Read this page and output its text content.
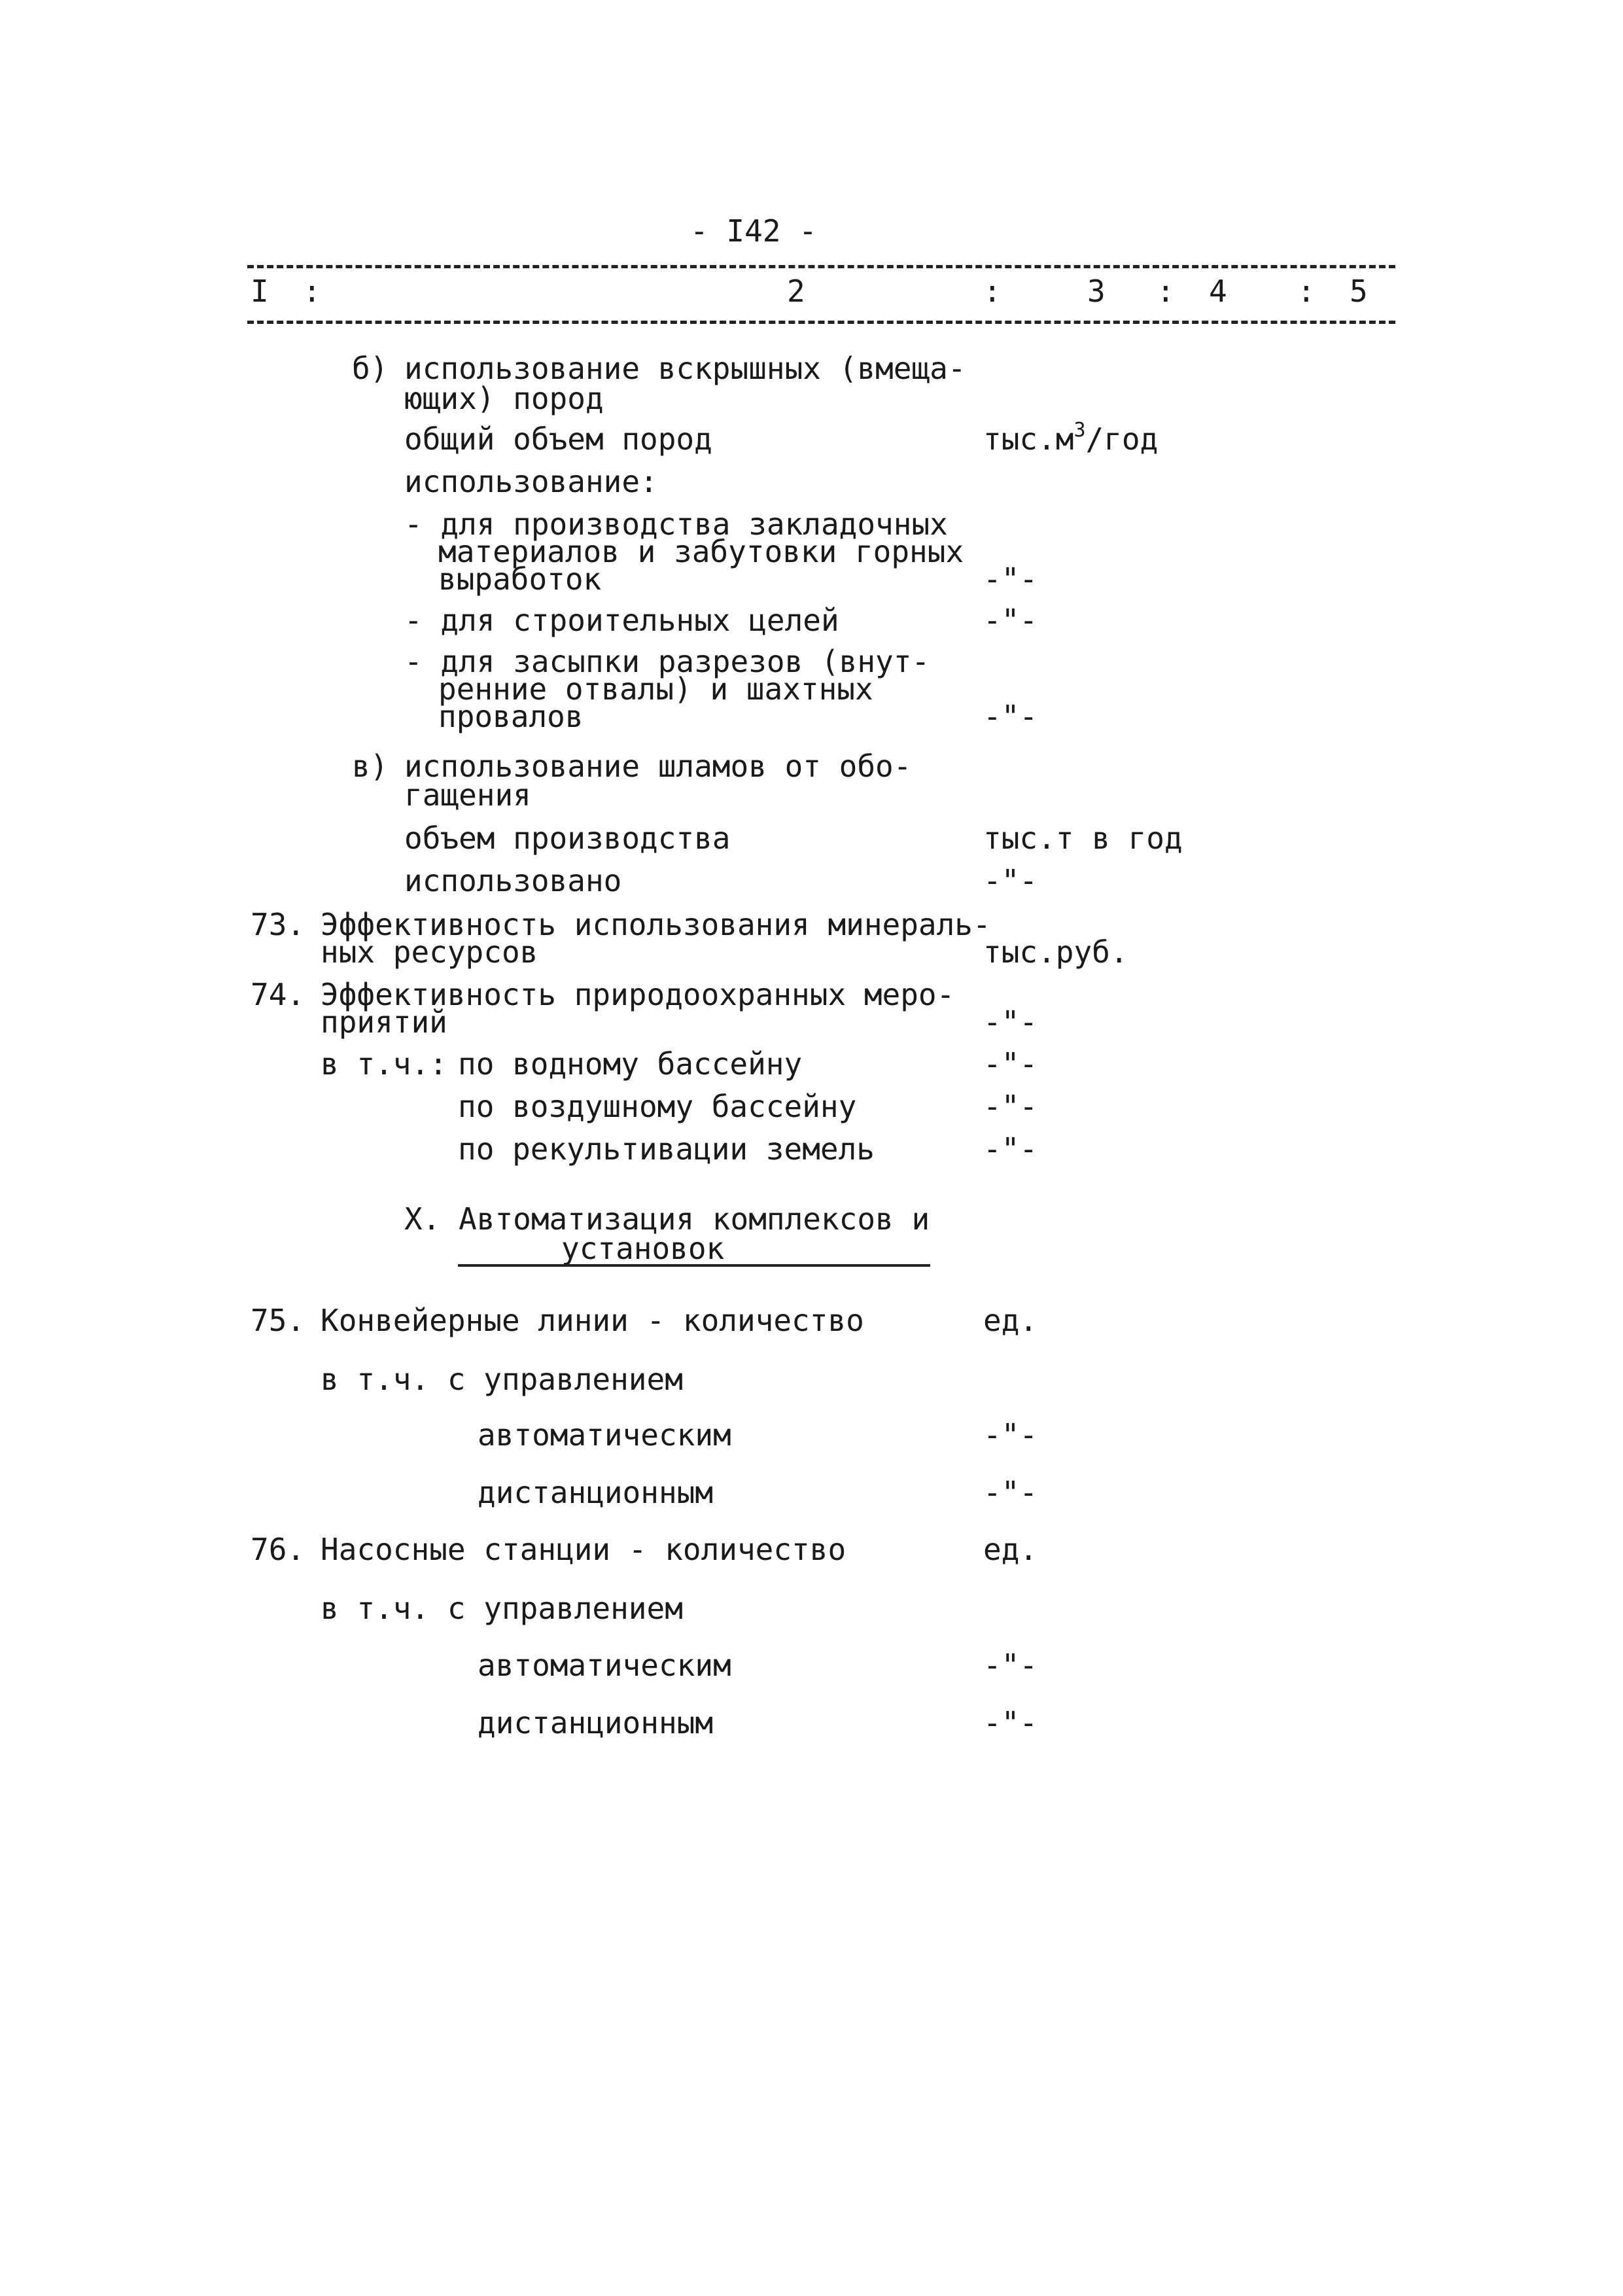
- I42 -
I :	2	:	3 : 4 : 5
б) использование вскрышных (вмеща-
ющих) пород
общий объем пород	$тыс.м^3$/год
использование:
- для производства закладочных
материалов и забутовки горных
выработок	-"-
- для строительных целей	-"-
- для засыпки разрезов (внут-
ренние отвалы) и шахтных
провалов	-"-
в) использование шламов от обо-
гащения
объем производства	тыс.т в год
использовано	-"-
73. Эффективность использования минераль-
ных ресурсов	тыс.руб.
74. Эффективность природоохранных меро-
приятий	-"-
в т.ч.: по водному бассейну	-"-
по воздушному бассейну	-"-
по рекультивации земель	-"-
X. Автоматизация комплексов и
установок
75. Конвейерные линии - количество	ед.
в т.ч. с управлением
автоматическим	-"-
дистанционным	-"-
76. Насосные станции - количество	ед.
в т.ч. с управлением
автоматическим	-"-
дистанционным	-"-
